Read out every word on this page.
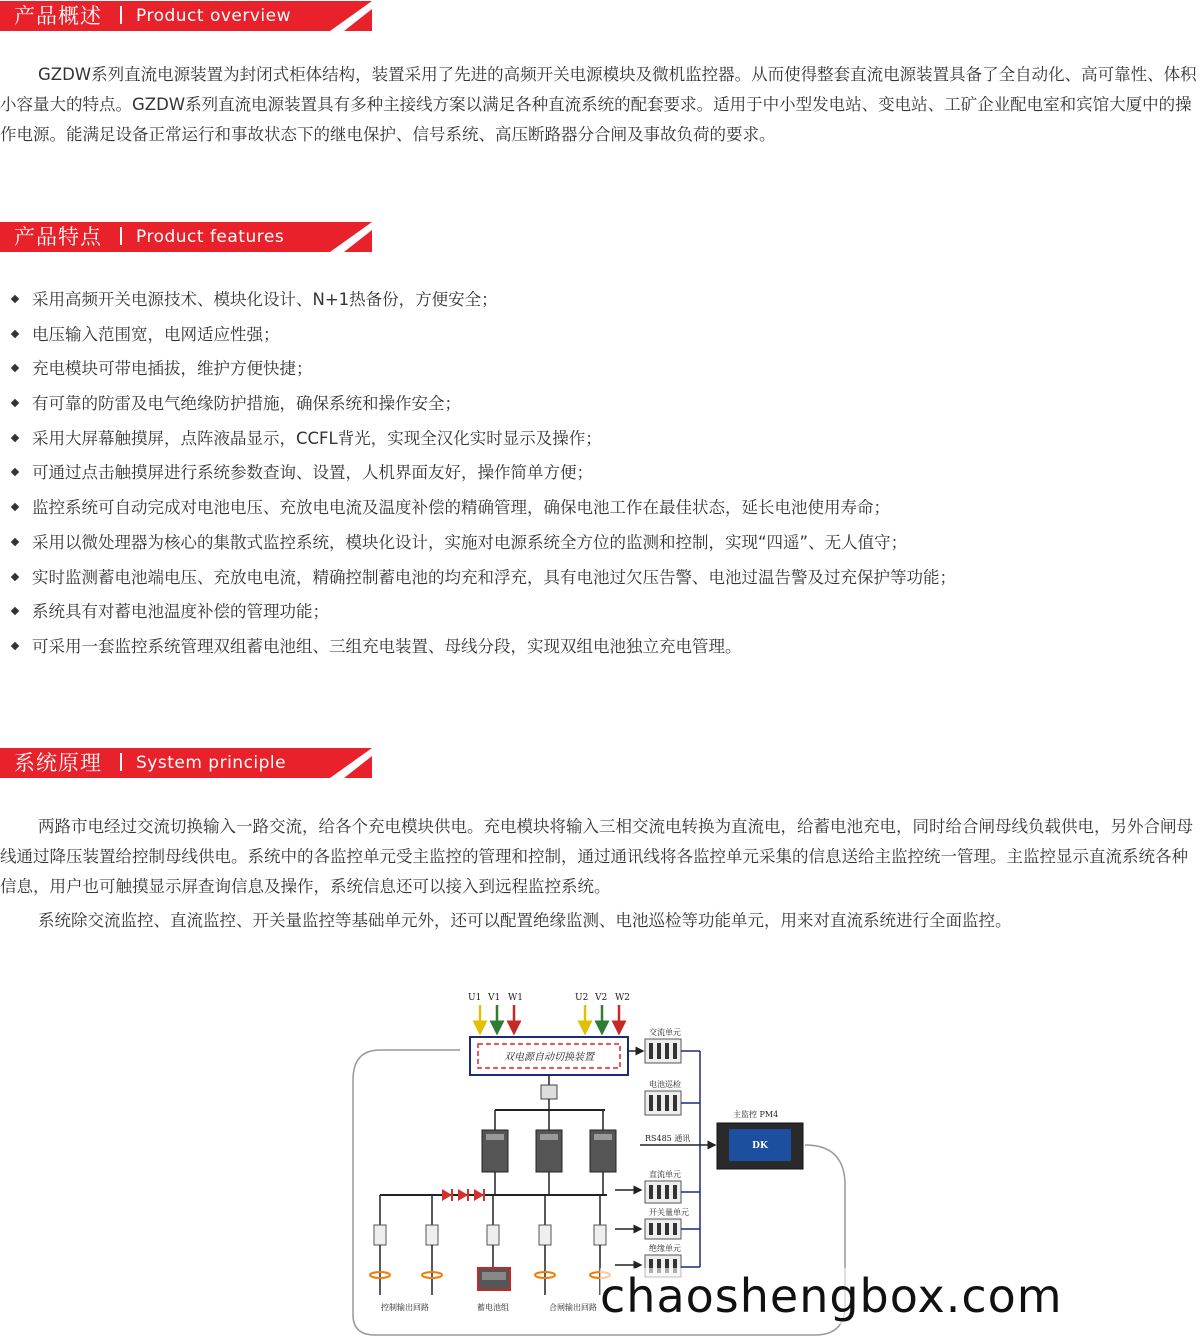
产品概述 Product overview

GZDW系列直流电源装置为封闭式柜体结构，装置采用了先进的高频开关电源模块及微机监控器。从而使得整套直流电源装置具备了全自动化、高可靠性、体积小容量大的特点。GZDW系列直流电源装置具有多种主接线方案以满足各种直流系统的配套要求。适用于中小型发电站、变电站、工矿企业配电室和宾馆大厦中的操作电源。能满足设备正常运行和事故状态下的继电保护、信号系统、高压断路器分合闸及事故负荷的要求。

产品特点 Product features
采用高频开关电源技术、模块化设计、N+1热备份，方便安全；
电压输入范围宽，电网适应性强；
充电模块可带电插拔，维护方便快捷；
有可靠的防雷及电气绝缘防护措施，确保系统和操作安全；
采用大屏幕触摸屏，点阵液晶显示，CCFL背光，实现全汉化实时显示及操作；
可通过点击触摸屏进行系统参数查询、设置，人机界面友好，操作简单方便；
监控系统可自动完成对电池电压、充放电电流及温度补偿的精确管理，确保电池工作在最佳状态，延长电池使用寿命；
采用以微处理器为核心的集散式监控系统，模块化设计，实施对电源系统全方位的监测和控制，实现“四遥”、无人值守；
实时监测蓄电池端电压、充放电电流，精确控制蓄电池的均充和浮充，具有电池过欠压告警、电池过温告警及过充保护等功能；
系统具有对蓄电池温度补偿的管理功能；
可采用一套监控系统管理双组蓄电池组、三组充电装置、母线分段，实现双组电池独立充电管理。
系统原理 System principle

两路市电经过交流切换输入一路交流，给各个充电模块供电。充电模块将输入三相交流电转换为直流电，给蓄电池充电，同时给合闸母线负载供电，另外合闸母线通过降压装置给控制母线供电。系统中的各监控单元受主监控的管理和控制，通过通讯线将各监控单元采集的信息送给主监控统一管理。主监控显示直流系统各种信息，用户也可触摸显示屏查询信息及操作，系统信息还可以接入到远程监控系统。

系统除交流监控、直流监控、开关量监控等基础单元外，还可以配置绝缘监测、电池巡检等功能单元，用来对直流系统进行全面监控。

U1 V1 W1	U2 V2 W2
双电源自动切换装置
控制输出回路	蓄电池组	合闸输出回路
交流单元
电池巡检
RS485 通讯
直流单元
开关量单元
绝缘单元
主监控 PM4
DK
chaoshengbox.com
